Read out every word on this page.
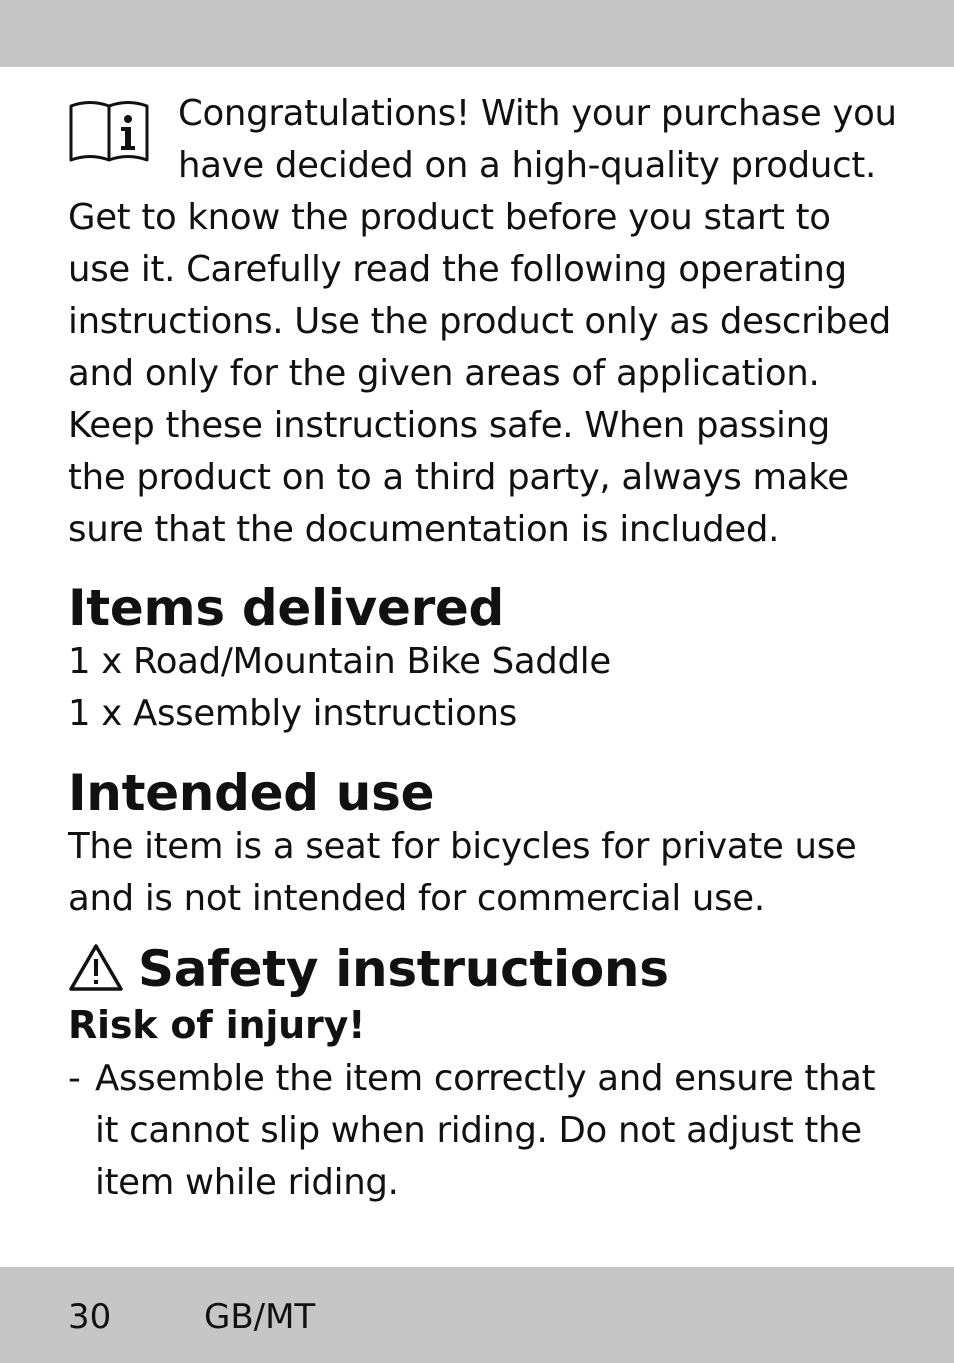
Congratulations! With your purchase you have decided on a high-quality product. Get to know the product before you start to use it. Carefully read the following operating instructions. Use the product only as described and only for the given areas of application. Keep these instructions safe. When passing the product on to a third party, always make sure that the documentation is included.
Items delivered
1 x Road/Mountain Bike Saddle
1 x Assembly instructions
Intended use
The item is a seat for bicycles for private use and is not intended for commercial use.
Safety instructions
Risk of injury!
- Assemble the item correctly and ensure that it cannot slip when riding. Do not adjust the item while riding.
30	GB/MT
